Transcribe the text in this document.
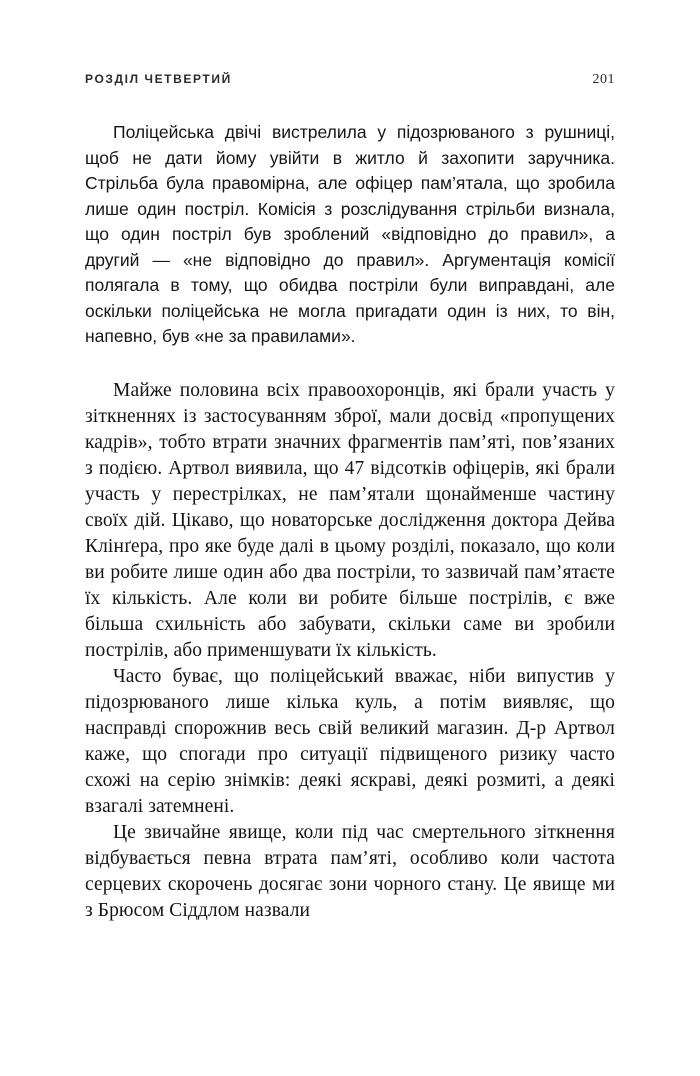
РОЗДІЛ ЧЕТВЕРТИЙ	201

Поліцейська двічі вистрелила у підозрюваного з рушниці, щоб не дати йому увійти в житло й захопити заручника. Стрільба була правомірна, але офіцер пам’ятала, що зробила лише один постріл. Комісія з розслідування стрільби визнала, що один постріл був зроблений «відповідно до правил», а другий — «не відповідно до правил». Аргументація комісії полягала в тому, що обидва постріли були виправдані, але оскільки поліцейська не могла пригадати один із них, то він, напевно, був «не за правилами».

Майже половина всіх правоохоронців, які брали участь у зіткненнях із застосуванням зброї, мали досвід «пропущених кадрів», тобто втрати значних фрагментів пам’яті, пов’язаних з подією. Артвол виявила, що 47 відсотків офіцерів, які брали участь у перестрілках, не пам’ятали щонайменше частину своїх дій. Цікаво, що новаторське дослідження доктора Дейва Клінґера, про яке буде далі в цьому розділі, показало, що коли ви робите лише один або два постріли, то зазвичай пам’ятаєте їх кількість. Але коли ви робите більше пострілів, є вже більша схильність або забувати, скільки саме ви зробили пострілів, або применшувати їх кількість.

Часто буває, що поліцейський вважає, ніби випустив у підозрюваного лише кілька куль, а потім виявляє, що насправді спорожнив весь свій великий магазин. Д-р Артвол каже, що спогади про ситуації підвищеного ризику часто схожі на серію знімків: деякі яскраві, деякі розмиті, а деякі взагалі затемнені.

Це звичайне явище, коли під час смертельного зіткнення відбувається певна втрата пам’яті, особливо коли частота серцевих скорочень досягає зони чорного стану. Це явище ми з Брюсом Сіддлом назвали
